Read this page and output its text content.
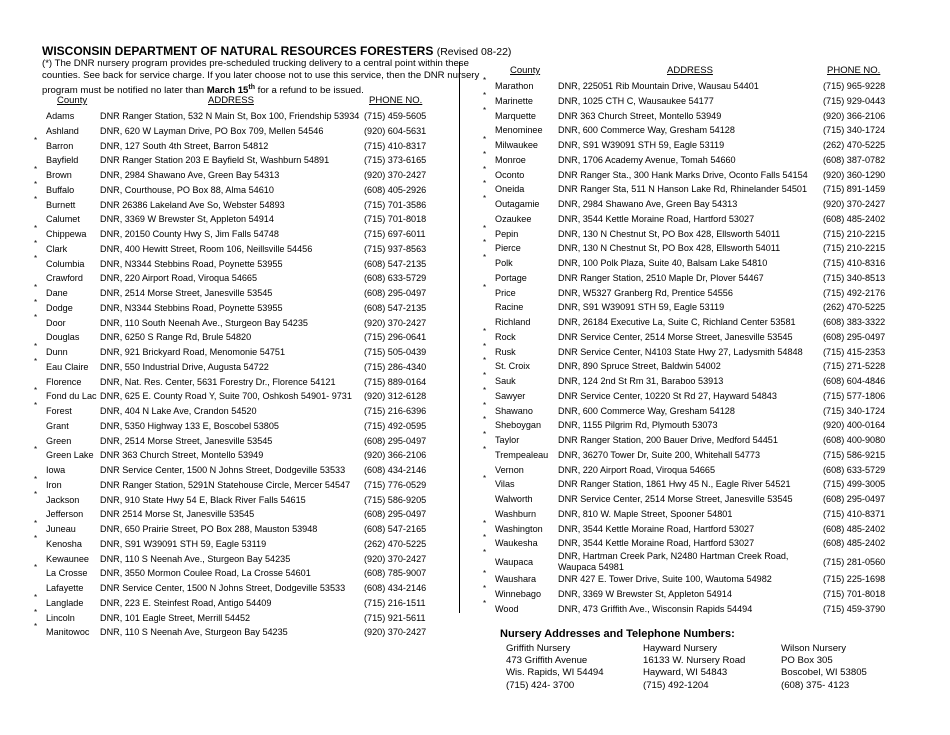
WISCONSIN DEPARTMENT OF NATURAL RESOURCES FORESTERS (Revised 08-22)

(*) The DNR nursery program provides pre-scheduled trucking delivery to a central point within these

counties. See back for service charge. If you later choose not to use this service, then the DNR nursery

program must be notified no later than March 15th for a refund to be issued.

County	ADDRESS	PHONE NO.
County	ADDRESS	PHONE NO.
Adams	DNR Ranger Station, 532 N Main St, Box 100, Friendship 53934 (715) 459-5605
Ashland DNR, 620 W Layman Drive, PO Box 709, Mellen 54546	(920) 604-5631
*
Barron	DNR, 127 South 4th Street, Barron 54812	(715) 410-8317
Bayfield DNR Ranger Station 203 E Bayfield St, Washburn 54891	(715) 373-6165
*
Brown	DNR, 2984 Shawano Ave, Green Bay 54313	(920) 370-2427
*
Buffalo	DNR, Courthouse, PO Box 88, Alma 54610	(608) 405-2926
*
Burnett	DNR 26386 Lakeland Ave So, Webster 54893	(715) 701-3586
Calumet DNR, 3369 W Brewster St, Appleton 54914	(715) 701-8018
*
Chippewa DNR, 20150 County Hwy S, Jim Falls 54748	(715) 697-6011
*
Clark	DNR, 400 Hewitt Street, Room 106, Neillsville 54456	(715) 937-8563
*
Columbia DNR, N3344 Stebbins Road, Poynette 53955	(608) 547-2135
Crawford DNR, 220 Airport Road, Viroqua 54665	(608) 633-5729
*
Dane	DNR, 2514 Morse Street, Janesville 53545	(608) 295-0497
*
Dodge	DNR, N3344 Stebbins Road, Poynette 53955	(608) 547-2135
*
Door	DNR, 110 South Neenah Ave., Sturgeon Bay 54235	(920) 370-2427
Douglas DNR, 6250 S Range Rd, Brule 54820	(715) 296-0641
*
Dunn	DNR, 921 Brickyard Road, Menomonie 54751	(715) 505-0439
*
Eau Claire DNR, 550 Industrial Drive, Augusta 54722	(715) 286-4340
Florence DNR, Nat. Res. Center, 5631 Forestry Dr., Florence 54121	(715) 889-0164
*
Fond du Lac DNR, 625 E. County Road Y, Suite 700, Oshkosh 54901- 9731 (920) 312-6128
*
Forest	DNR, 404 N Lake Ave, Crandon 54520	(715) 216-6396
Grant	DNR, 5350 Highway 133 E, Boscobel 53805	(715) 492-0595
Green	DNR, 2514 Morse Street, Janesville 53545	(608) 295-0497
*
Green Lake DNR 363 Church Street, Montello 53949	(920) 366-2106
Iowa	DNR Service Center, 1500 N Johns Street, Dodgeville 53533 (608) 434-2146
*
Iron	DNR Ranger Station, 5291N Statehouse Circle, Mercer 54547 (715) 776-0529
*
Jackson DNR, 910 State Hwy 54 E, Black River Falls 54615	(715) 586-9205
Jefferson DNR 2514 Morse St, Janesville 53545	(608) 295-0497
*
Juneau	DNR, 650 Prairie Street, PO Box 288, Mauston 53948	(608) 547-2165
*
Kenosha DNR, S91 W39091 STH 59, Eagle 53119	(262) 470-5225
Kewaunee DNR, 110 S Neenah Ave., Sturgeon Bay 54235	(920) 370-2427
*
La Crosse DNR, 3550 Mormon Coulee Road, La Crosse 54601	(608) 785-9007
Lafayette DNR Service Center, 1500 N Johns Street, Dodgeville 53533 (608) 434-2146
*
Langlade DNR, 223 E. Steinfest Road, Antigo 54409	(715) 216-1511
*
Lincoln	DNR, 101 Eagle Street, Merrill 54452	(715) 921-5611
*
Manitowoc DNR, 110 S Neenah Ave, Sturgeon Bay 54235	(920) 370-2427
*
Marathon	DNR, 225051 Rib Mountain Drive, Wausau 54401	(715) 965-9228
*
Marinette	DNR, 1025 CTH C, Wausaukee 54177	(715) 929-0443
*
Marquette DNR 363 Church Street, Montello 53949	(920) 366-2106
Menominee DNR, 600 Commerce Way, Gresham 54128	(715) 340-1724
*
Milwaukee DNR, S91 W39091 STH 59, Eagle 53119	(262) 470-5225
*
Monroe	DNR, 1706 Academy Avenue, Tomah 54660	(608) 387-0782
*
Oconto	DNR Ranger Sta., 300 Hank Marks Drive, Oconto Falls 54154 (920) 360-1290
*
Oneida	DNR Ranger Sta, 511 N Hanson Lake Rd, Rhinelander 54501 (715) 891-1459
*
Outagamie DNR, 2984 Shawano Ave, Green Bay 54313	(920) 370-2427
Ozaukee	DNR, 3544 Kettle Moraine Road, Hartford 53027	(608) 485-2402
*
Pepin	DNR, 130 N Chestnut St, PO Box 428, Ellsworth 54011	(715) 210-2215
*
Pierce	DNR, 130 N Chestnut St, PO Box 428, Ellsworth 54011	(715) 210-2215
*
Polk	DNR, 100 Polk Plaza, Suite 40, Balsam Lake 54810	(715) 410-8316
Portage	DNR Ranger Station, 2510 Maple Dr, Plover 54467	(715) 340-8513
*
Price	DNR, W5327 Granberg Rd, Prentice 54556	(715) 492-2176
Racine	DNR, S91 W39091 STH 59, Eagle 53119	(262) 470-5225
Richland	DNR, 26184 Executive La, Suite C, Richland Center 53581	(608) 383-3322
*
Rock	DNR Service Center, 2514 Morse Street, Janesville 53545	(608) 295-0497
*
Rusk	DNR Service Center, N4103 State Hwy 27, Ladysmith 54848 (715) 415-2353
*
St. Croix	DNR, 890 Spruce Street, Baldwin 54002	(715) 271-5228
*
Sauk	DNR, 124 2nd St Rm 31, Baraboo 53913	(608) 604-4846
*
Sawyer	DNR Service Center, 10220 St Rd 27, Hayward 54843	(715) 577-1806
*
Shawano	DNR, 600 Commerce Way, Gresham 54128	(715) 340-1724
*
Sheboygan DNR, 1155 Pilgrim Rd, Plymouth 53073	(920) 400-0164
*
Taylor	DNR Ranger Station, 200 Bauer Drive, Medford 54451	(608) 400-9080
*
Trempealeau DNR, 36270 Tower Dr, Suite 200, Whitehall 54773	(715) 586-9215
Vernon	DNR, 220 Airport Road, Viroqua 54665	(608) 633-5729
*
Vilas	DNR Ranger Station, 1861 Hwy 45 N., Eagle River 54521	(715) 499-3005
Walworth	DNR Service Center, 2514 Morse Street, Janesville 53545	(608) 295-0497
Washburn DNR, 810 W. Maple Street, Spooner 54801	(715) 410-8371
*
Washington DNR, 3544 Kettle Moraine Road, Hartford 53027	(608) 485-2402
*
Waukesha DNR, 3544 Kettle Moraine Road, Hartford 53027	(608) 485-2402
*
Waupaca
DNR, Hartman Creek Park, N2480 Hartman Creek Road, Waupaca 54981	(715) 281-0560
*
Waushara DNR 427 E. Tower Drive, Suite 100, Wautoma 54982	(715) 225-1698
*
Winnebago DNR, 3369 W Brewster St, Appleton 54914	(715) 701-8018
*
Wood	DNR, 473 Griffith Ave., Wisconsin Rapids 54494	(715) 459-3790
Nursery Addresses and Telephone Numbers:
Griffith Nursery
473 Griffith Avenue
Wis. Rapids, WI 54494
(715) 424- 3700
Hayward Nursery
16133 W. Nursery Road
Hayward, WI 54843
(715) 492-1204
Wilson Nursery
PO Box 305
Boscobel, WI 53805
(608) 375- 4123
